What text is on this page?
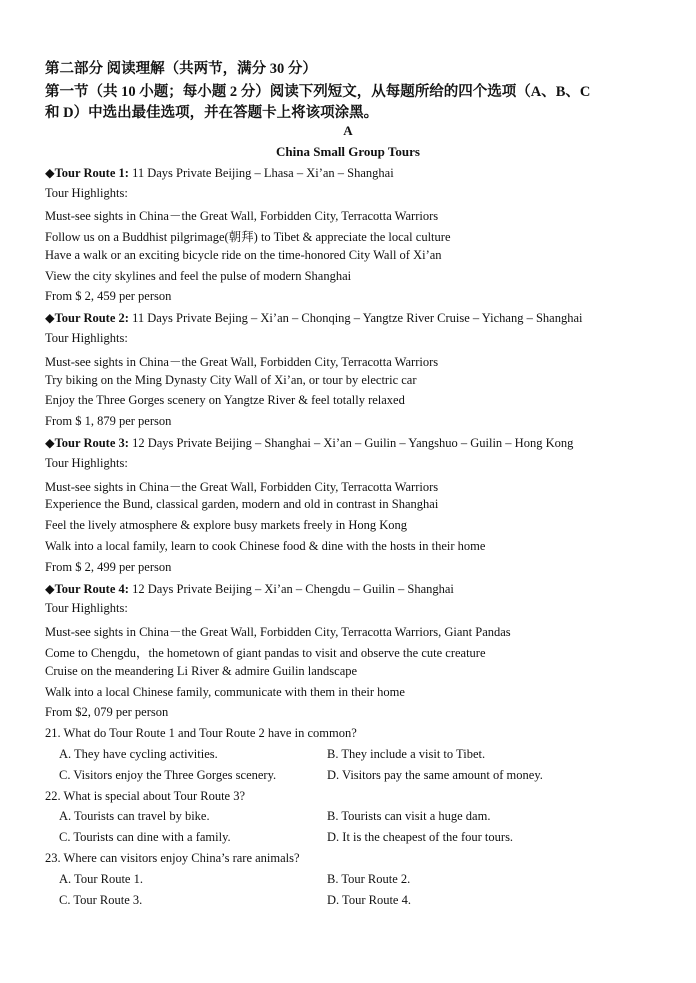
第二部分 阅读理解（共两节，满分 30 分）
第一节（共 10 小题；每小题 2 分）阅读下列短文，从每题所给的四个选项（A、B、C
和 D）中选出最佳选项，并在答题卡上将该项涂黑。
A
China Small Group Tours
◆Tour Route 1: 11 Days Private Beijing – Lhasa – Xi’an – Shanghai
Tour Highlights:
Must-see sights in China－the Great Wall, Forbidden City, Terracotta Warriors
Follow us on a Buddhist pilgrimage(朝拜) to Tibet & appreciate the local culture
Have a walk or an exciting bicycle ride on the time-honored City Wall of Xi’an
View the city skylines and feel the pulse of modern Shanghai
From $ 2, 459 per person
◆Tour Route 2: 11 Days Private Bejing – Xi’an – Chonqing – Yangtze River Cruise – Yichang – Shanghai
Tour Highlights:
Must-see sights in China－the Great Wall, Forbidden City, Terracotta Warriors
Try biking on the Ming Dynasty City Wall of Xi’an, or tour by electric car
Enjoy the Three Gorges scenery on Yangtze River & feel totally relaxed
From $ 1, 879 per person
◆Tour Route 3: 12 Days Private Beijing – Shanghai – Xi’an – Guilin – Yangshuo – Guilin – Hong Kong
Tour Highlights:
Must-see sights in China－the Great Wall, Forbidden City, Terracotta Warriors
Experience the Bund, classical garden, modern and old in contrast in Shanghai
Feel the lively atmosphere & explore busy markets freely in Hong Kong
Walk into a local family, learn to cook Chinese food & dine with the hosts in their home
From $ 2, 499 per person
◆Tour Route 4: 12 Days Private Beijing – Xi’an – Chengdu – Guilin – Shanghai
Tour Highlights:
Must-see sights in China－the Great Wall, Forbidden City, Terracotta Warriors, Giant Pandas
Come to Chengdu，the hometown of giant pandas to visit and observe the cute creature
Cruise on the meandering Li River & admire Guilin landscape
Walk into a local Chinese family, communicate with them in their home
From $2, 079 per person
21. What do Tour Route 1 and Tour Route 2 have in common?
A. They have cycling activities.	B. They include a visit to Tibet.
C. Visitors enjoy the Three Gorges scenery.	D. Visitors pay the same amount of money.
22. What is special about Tour Route 3?
A. Tourists can travel by bike.	B. Tourists can visit a huge dam.
C. Tourists can dine with a family.	D. It is the cheapest of the four tours.
23. Where can visitors enjoy China’s rare animals?
A. Tour Route 1.	B. Tour Route 2.
C. Tour Route 3.	D. Tour Route 4.
